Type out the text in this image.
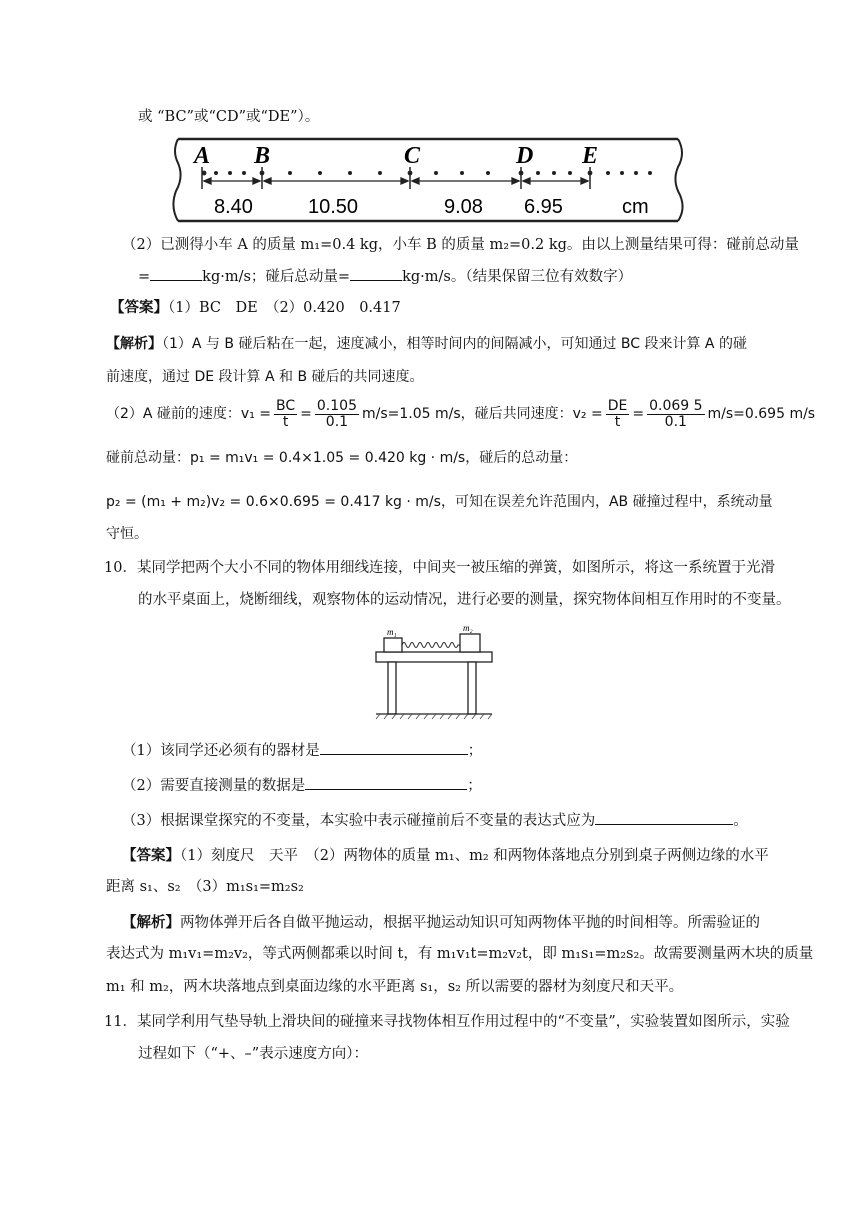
或 “BC”或“CD”或“DE”）。
A B	C	D E
8.40	10.50	9.08 6.95	cm
（2）已测得小车 A 的质量 m₁=0.4 kg，小车 B 的质量 m₂=0.2 kg。由以上测量结果可得：碰前总动量
=	kg·m/s；碰后总动量=	kg·m/s。（结果保留三位有效数字）
【答案】（1）BC　DE　（2）0.420　0.417
【解析】（1）A 与 B 碰后粘在一起，速度减小，相等时间内的间隔减小，可知通过 BC 段来计算 A 的碰
前速度，通过 DE 段计算 A 和 B 碰后的共同速度。
（2）A 碰前的速度：$v_1 = \frac{BC}{t} = \frac{0.105}{0.1} m/s=1.05$ m/s，碰后共同速度：$v_2 = \frac{DE}{t} = \frac{0.069 5}{0.1} m/s=0.695$ m/s
碰前总动量：p₁ = m₁v₁ = 0.4×1.05 = 0.420 kg · m/s，碰后的总动量：
p₂ = (m₁ + m₂)v₂ = 0.6×0.695 = 0.417 kg · m/s，可知在误差允许范围内，AB 碰撞过程中，系统动量
守恒。
10．某同学把两个大小不同的物体用细线连接，中间夹一被压缩的弹簧，如图所示，将这一系统置于光滑
的水平桌面上，烧断细线，观察物体的运动情况，进行必要的测量，探究物体间相互作用时的不变量。
m₁	m₂
（1）该同学还必须有的器材是	；
（2）需要直接测量的数据是	；
（3）根据课堂探究的不变量，本实验中表示碰撞前后不变量的表达式应为	。
【答案】（1）刻度尺　天平　（2）两物体的质量 m₁、m₂ 和两物体落地点分别到桌子两侧边缘的水平
距离 s₁、s₂　（3）m₁s₁=m₂s₂
【解析】两物体弹开后各自做平抛运动，根据平抛运动知识可知两物体平抛的时间相等。所需验证的
表达式为 m₁v₁=m₂v₂，等式两侧都乘以时间 t，有 m₁v₁t=m₂v₂t，即 m₁s₁=m₂s₂。故需要测量两木块的质量
m₁ 和 m₂，两木块落地点到桌面边缘的水平距离 s₁，s₂ 所以需要的器材为刻度尺和天平。
11．某同学利用气垫导轨上滑块间的碰撞来寻找物体相互作用过程中的“不变量”，实验装置如图所示，实验
过程如下（“+、–”表示速度方向）：
